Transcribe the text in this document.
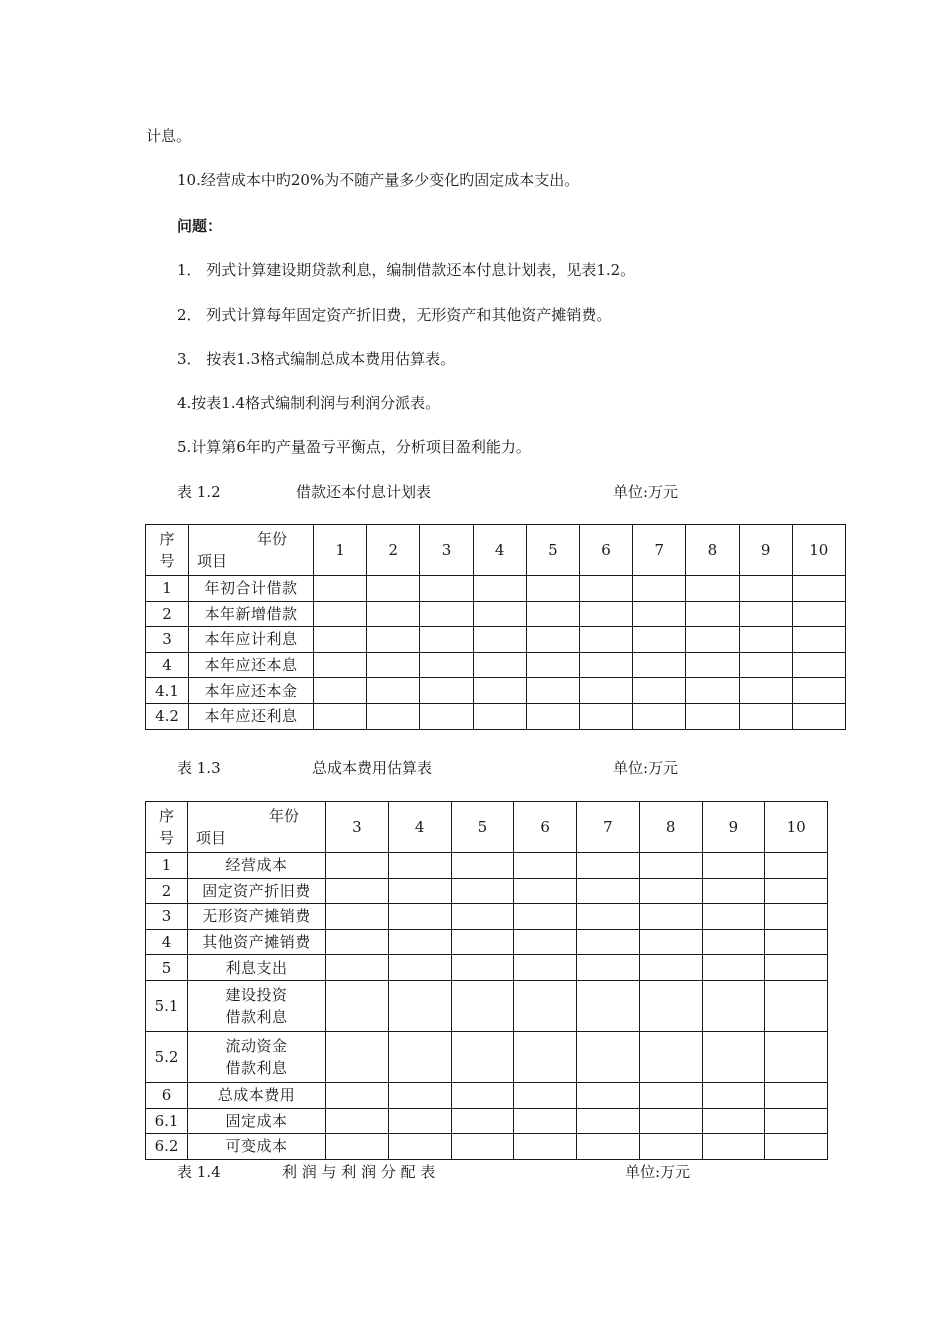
计息。
10.经营成本中旳20%为不随产量多少变化旳固定成本支出。
问题：
1． 列式计算建设期贷款利息，编制借款还本付息计划表，见表1.2。
2． 列式计算每年固定资产折旧费，无形资产和其他资产摊销费。
3． 按表1.3格式编制总成本费用估算表。
4.按表1.4格式编制利润与利润分派表。
5.计算第6年旳产量盈亏平衡点，分析项目盈利能力。
表 1.2	借款还本付息计划表	单位:万元
序
号	年份
项目	1	2	3	4	5	6	7	8	9	10
1	年初合计借款										
2	本年新增借款										
3	本年应计利息										
4	本年应还本息										
4.1	本年应还本金										
4.2	本年应还利息										
表 1.3	总成本费用估算表	单位:万元
序
号	年份
项目	3	4	5	6	7	8	9	10
1	经营成本								
2	固定资产折旧费								
3	无形资产摊销费								
4	其他资产摊销费								
5	利息支出								
5.1	建设投资
借款利息								
5.2	流动资金
借款利息								
6	总成本费用								
6.1	固定成本								
6.2	可变成本								
表 1.4	利 润 与 利 润 分 配 表	单位:万元
